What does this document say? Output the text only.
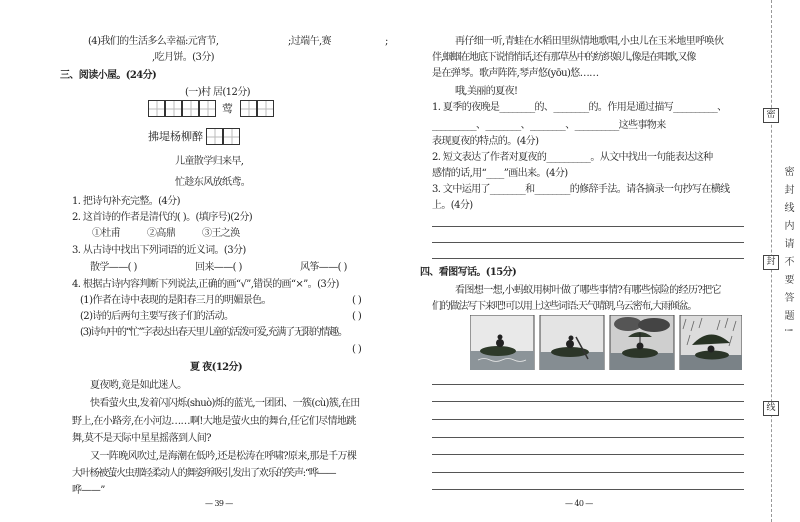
(4)我们的生活多么幸福:元宵节,	;过端午,赛	;
,吃月饼。(3分)
三、阅读小屋。(24分)
(一)村 居(12分)
莺
拂堤杨柳醉
儿童散学归来早,
忙趁东风放纸鸢。
1. 把诗句补充完整。(4分)
2. 这首诗的作者是清代的( )。(填序号)(2分)
①杜甫	②高鼎	③王之涣
3. 从古诗中找出下列词语的近义词。(3分)
散学——( )	回来——( )	风筝——( )
4. 根据古诗内容判断下列说法,正确的画“√”,错误的画“×”。(3分)
(1)作者在诗中表现的是阳春三月的明媚景色。	( )
(2)诗的后两句主要写孩子们的活动。	( )
(3)诗句中的“忙”字表达出春天里儿童的活泼可爱,充满了无限的情趣。
( )
夏 夜(12分)
夏夜哟,竟是如此迷人。
快看萤火虫,发着闪闪烁(shuò)烁的蓝光,一团团、一簇(cù)簇,在田
野上,在小路旁,在小河边……啊!大地是萤火虫的舞台,任它们尽情地跳
舞,莫不是天际中星星摇落到人间?
又一阵晚风吹过,是海潮在低吟,还是松涛在呼啸?原来,那是千万棵
大叶杨被萤火虫那轻柔动人的舞姿所吸引,发出了欢乐的笑声:“哗——
哗——”
— 39 —
再仔细一听,青蛙在水稻田里纵情地歌唱,小虫儿在玉米地里呼唤伙
伴,蝈蝈在地底下说悄悄话,还有那草丛中的纺织娘儿,像是在唱歌,又像
是在弹琴。歌声阵阵,琴声悠(yōu)悠……
哦,美丽的夏夜!
1. 夏季的夜晚是________的、________的。作用是通过描写__________、
__________、________、________、__________这些事物来
表现夏夜的特点的。(4分)
2. 短文表达了作者对夏夜的__________。从文中找出一句能表达这种
感情的话,用“____”画出来。(4分)
3. 文中运用了________和________的修辞手法。请各摘录一句抄写在横线
上。(4分)
四、看图写话。(15分)
看图想一想,小蚂蚁用树叶做了哪些事情?有哪些惊险的经历?把它
们的做法写下来吧!可以用上这些词语:天气晴朗,乌云密布,大雨倾盆。
— 40 —
密
封
线
密封线内请不要答题!
